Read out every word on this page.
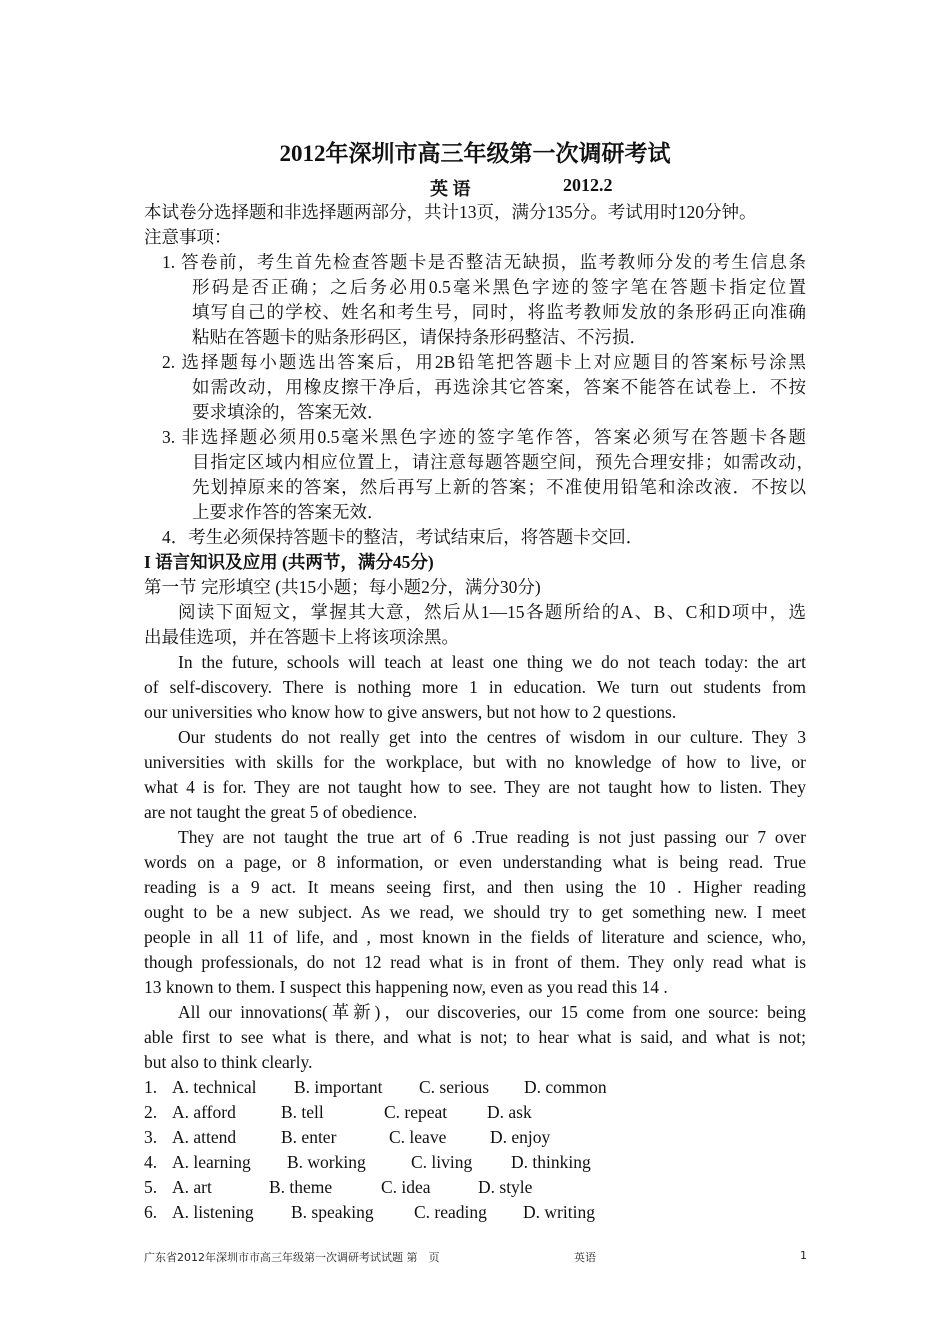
2012年深圳市高三年级第一次调研考试
英 语	2012.2
本试卷分选择题和非选择题两部分，共计13页，满分135分。考试用时120分钟。
注意事项：
1. 答卷前，考生首先检查答题卡是否整洁无缺损，监考教师分发的考生信息条
形码是否正确；之后务必用0.5毫米黑色字迹的签字笔在答题卡指定位置
填写自己的学校、姓名和考生号，同时，将监考教师发放的条形码正向准确
粘贴在答题卡的贴条形码区，请保持条形码整洁、不污损．
2. 选择题每小题选出答案后，用2B铅笔把答题卡上对应题目的答案标号涂黑
如需改动，用橡皮擦干净后，再选涂其它答案，答案不能答在试卷上．不按
要求填涂的，答案无效．
3. 非选择题必须用0.5毫米黑色字迹的签字笔作答，答案必须写在答题卡各题
目指定区域内相应位置上，请注意每题答题空间，预先合理安排；如需改动，
先划掉原来的答案，然后再写上新的答案；不准使用铅笔和涂改液．不按以
上要求作答的答案无效．
4．考生必须保持答题卡的整洁，考试结束后，将答题卡交回．
I 语言知识及应用 (共两节，满分45分)
第一节 完形填空 (共15小题；每小题2分，满分30分)
阅读下面短文，掌握其大意，然后从1—15各题所给的A、B、C和D项中，选
出最佳选项，并在答题卡上将该项涂黑。
In the future, schools will teach at least one thing we do not teach today: the art
of self-discovery. There is nothing more 1 in education. We turn out students from
our universities who know how to give answers, but not how to 2 questions.
Our students do not really get into the centres of wisdom in our culture. They 3
universities with skills for the workplace, but with no knowledge of how to live, or
what 4 is for. They are not taught how to see. They are not taught how to listen. They
are not taught the great 5 of obedience.
They are not taught the true art of 6 .True reading is not just passing our 7 over
words on a page, or 8 information, or even understanding what is being read. True
reading is a 9 act. It means seeing first, and then using the 10 . Higher reading
ought to be a new subject. As we read, we should try to get something new. I meet
people in all 11 of life, and , most known in the fields of literature and science, who,
though professionals, do not 12 read what is in front of them. They only read what is
13 known to them. I suspect this happening now, even as you read this 14 .
All our innovations(革新)，our discoveries, our 15 come from one source: being
able first to see what is there, and what is not; to hear what is said, and what is not;
but also to think clearly.
1. A. technical B. important C. serious D. common
2. A. afford	B. tell	C. repeat D. ask
3. A. attend	B. enter	C. leave D. enjoy
4. A. learning B. working	C. living D. thinking
5. A. art	B. theme	C. idea	D. style
6. A. listening B. speaking C. reading D. writing
广东省2012年深圳市市高三年级第一次调研考试试题 第　页	英语	1
